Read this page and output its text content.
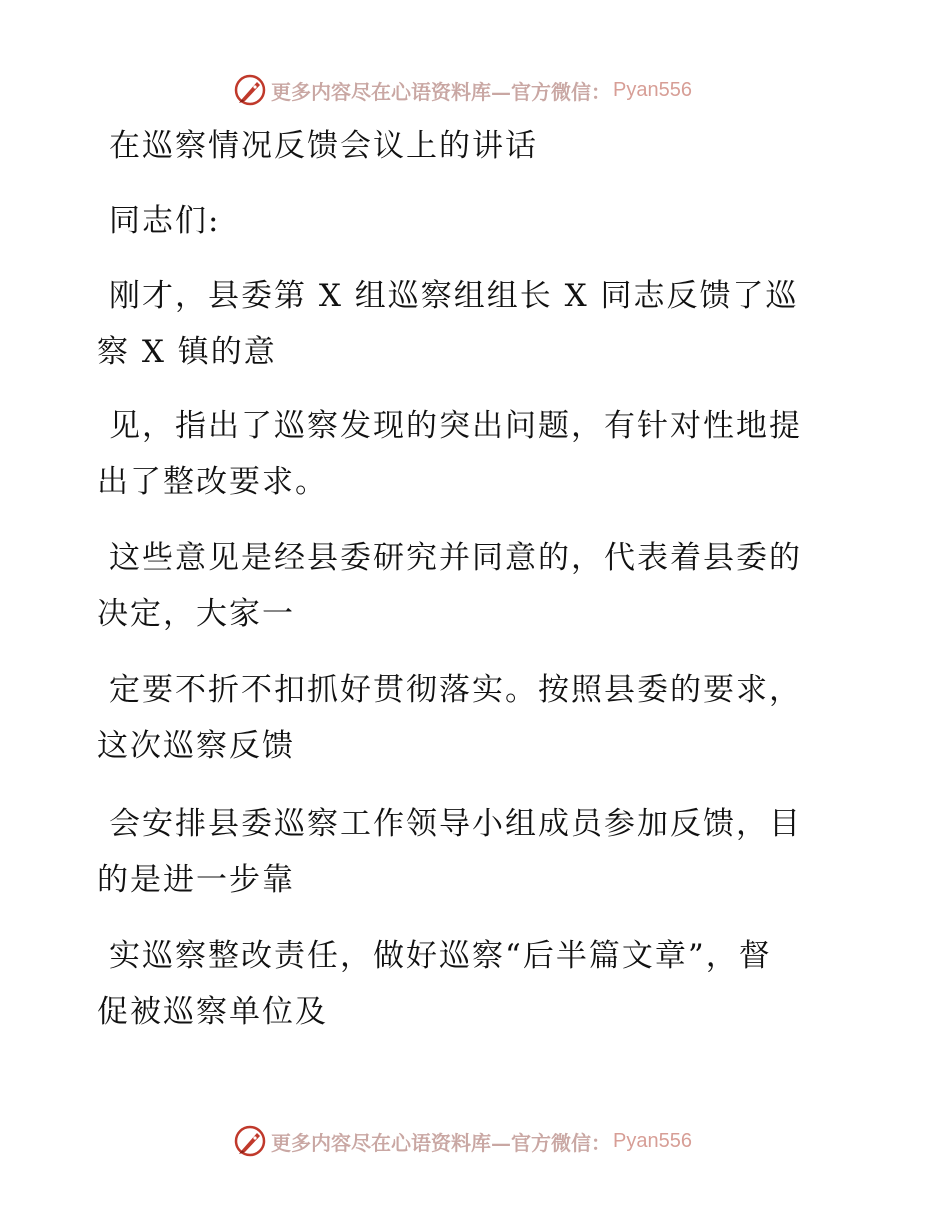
更多内容尽在心语资料库—官方微信： Pyan556
在巡察情况反馈会议上的讲话
同志们:
刚才，县委第 X 组巡察组组长 X 同志反馈了巡
察 X 镇的意
见，指出了巡察发现的突出问题，有针对性地提
出了整改要求。
这些意见是经县委研究并同意的，代表着县委的
决定，大家一
定要不折不扣抓好贯彻落实。按照县委的要求，
这次巡察反馈
会安排县委巡察工作领导小组成员参加反馈，目
的是进一步靠
实巡察整改责任，做好巡察“后半篇文章”，督
促被巡察单位及
更多内容尽在心语资料库—官方微信： Pyan556
